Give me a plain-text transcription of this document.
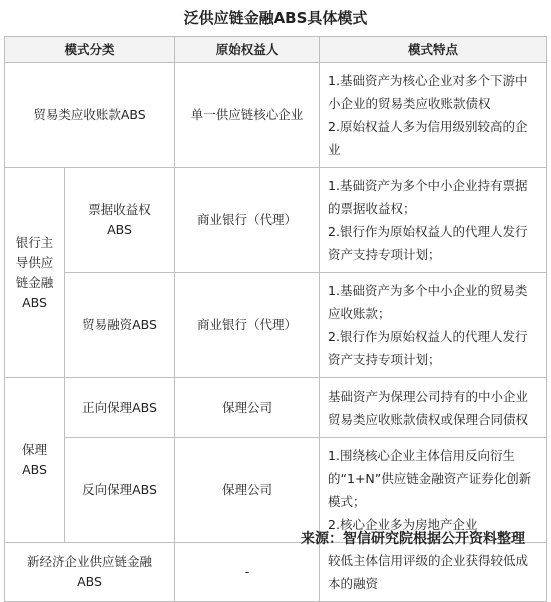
泛供应链金融ABS具体模式
模式分类		原始权益人	模式特点
贸易类应收账款ABS		单一供应链核心企业	1.基础资产为核心企业对多个下游中小企业的贸易类应收账款债权
2.原始权益人多为信用级别较高的企业

银行主导供应链金融ABS	票据收益权ABS	商业银行（代理）	1.基础资产为多个中小企业持有票据的票据收益权；
2.银行作为原始权益人的代理人发行资产支持专项计划；

	贸易融资ABS	商业银行（代理）	1.基础资产为多个中小企业的贸易类应收账款；
2.银行作为原始权益人的代理人发行资产支持专项计划；

保理ABS	正向保理ABS	保理公司	基础资产为保理公司持有的中小企业贸易类应收账款债权或保理合同债权

	反向保理ABS	保理公司	1.围绕核心企业主体信用反向衍生的“1+N”供应链金融资产证券化创新模式；
2.核心企业多为房地产企业

新经济企业供应链金融ABS		-	较低主体信用评级的企业获得较低成本的融资
来源：智信研究院根据公开资料整理
